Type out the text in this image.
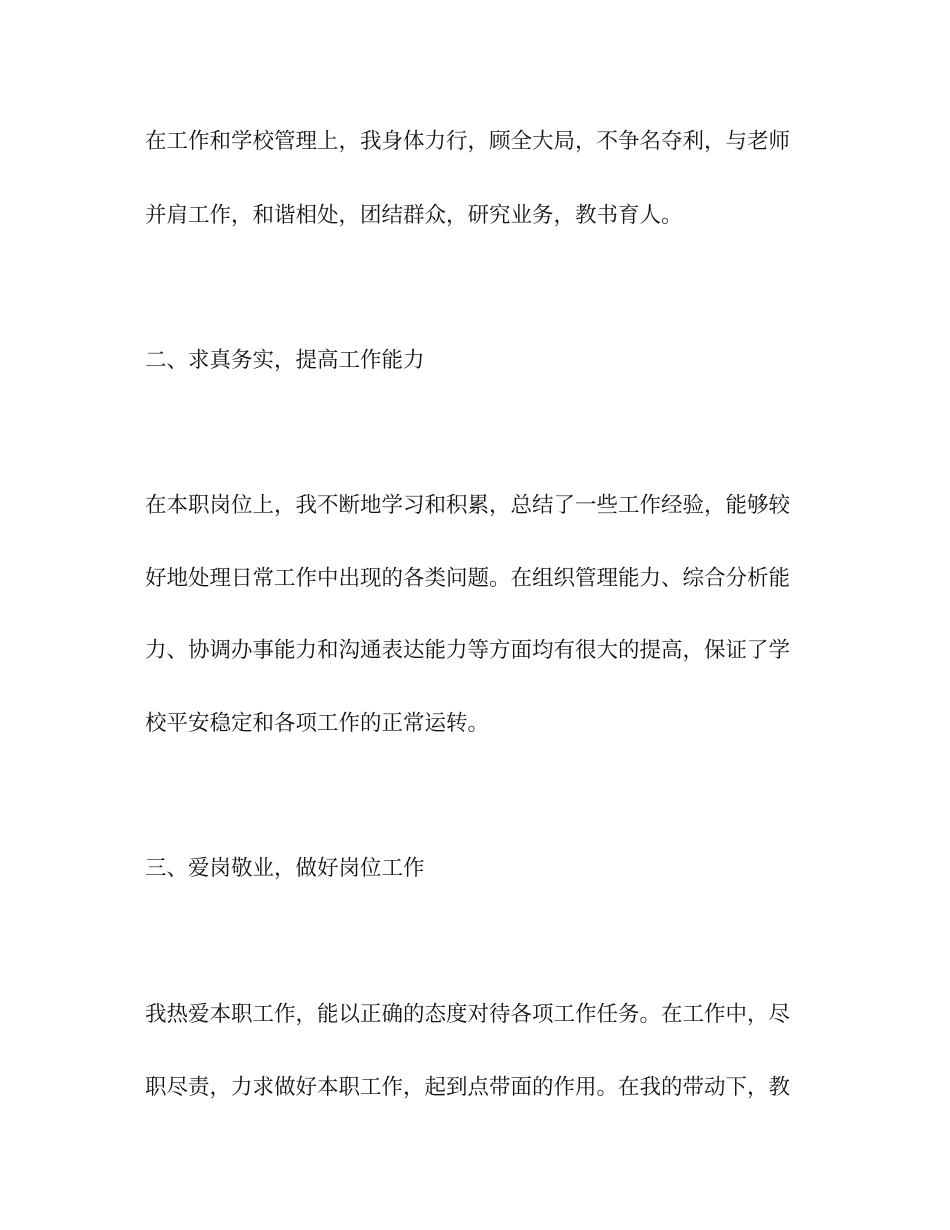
在工作和学校管理上，我身体力行，顾全大局，不争名夺利，与老师

并肩工作，和谐相处，团结群众，研究业务，教书育人。

二、求真务实，提高工作能力

在本职岗位上，我不断地学习和积累，总结了一些工作经验，能够较

好地处理日常工作中出现的各类问题。在组织管理能力、综合分析能

力、协调办事能力和沟通表达能力等方面均有很大的提高，保证了学

校平安稳定和各项工作的正常运转。

三、爱岗敬业，做好岗位工作

我热爱本职工作，能以正确的态度对待各项工作任务。在工作中，尽

职尽责，力求做好本职工作，起到点带面的作用。在我的带动下，教
